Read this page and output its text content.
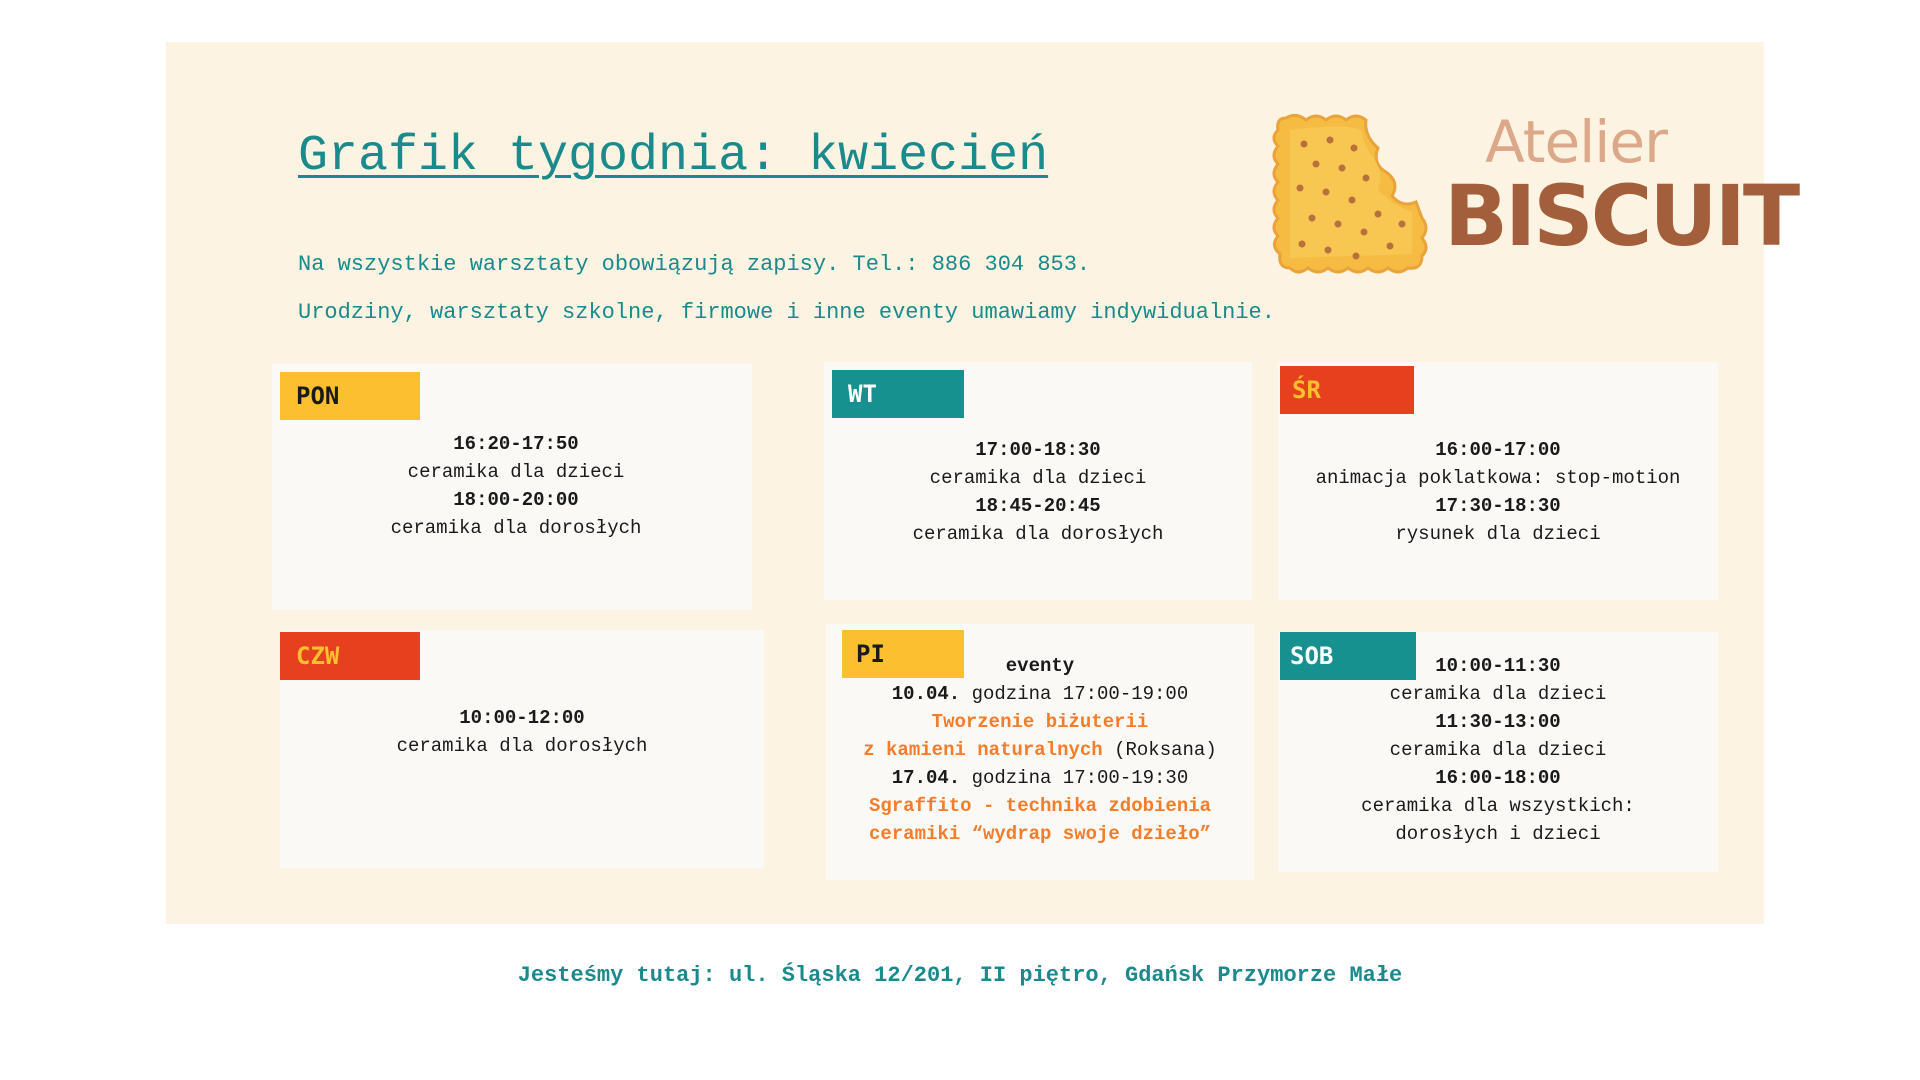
Grafik tygodnia: kwiecień

Na wszystkie warsztaty obowiązują zapisy. Tel.: 886 304 853.

Urodziny, warsztaty szkolne, firmowe i inne eventy umawiamy indywidualnie.

Atelier
BISCUIT
PON
16:20-17:50
ceramika dla dzieci
18:00-20:00
ceramika dla dorosłych
WT
17:00-18:30
ceramika dla dzieci
18:45-20:45
ceramika dla dorosłych
ŚR
16:00-17:00
animacja poklatkowa: stop-motion
17:30-18:30
rysunek dla dzieci
CZW
10:00-12:00
ceramika dla dorosłych
PI	eventy
10.04. godzina 17:00-19:00
Tworzenie biżuterii
z kamieni naturalnych (Roksana)
17.04. godzina 17:00-19:30
Sgraffito - technika zdobienia
ceramiki “wydrap swoje dzieło”
SOB	10:00-11:30
ceramika dla dzieci
11:30-13:00
ceramika dla dzieci
16:00-18:00
ceramika dla wszystkich:
dorosłych i dzieci
Jesteśmy tutaj: ul. Śląska 12/201, II piętro, Gdańsk Przymorze Małe
